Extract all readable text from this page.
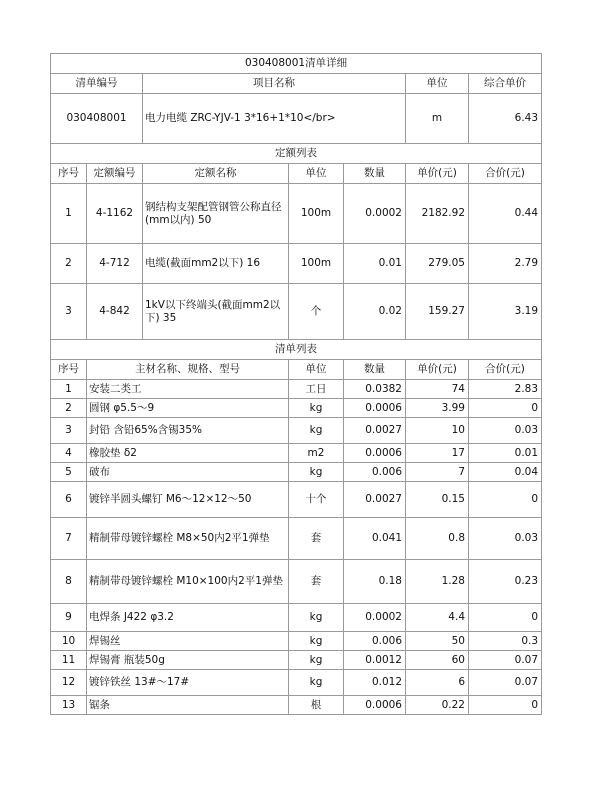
030408001清单详细						
清单编号		项目名称			单位	综合单价
030408001		电力电缆 ZRC-YJV-1 3*16+1*10</br>			m	6.43
定额列表						
序号	定额编号	定额名称	单位	数量	单价(元)	合价(元)
1	4-1162	钢结构支架配管钢管公称直径(mm以内) 50	100m	0.0002	2182.92	0.44
2	4-712	电缆(截面mm2以下) 16	100m	0.01	279.05	2.79
3	4-842	1kV以下终端头(截面mm2以下) 35	个	0.02	159.27	3.19
清单列表						
序号	主材名称、规格、型号		单位	数量	单价(元)	合价(元)
1	安装二类工		工日	0.0382	74	2.83
2	圆钢 φ5.5～9		kg	0.0006	3.99	0
3	封铅 含铅65%含锡35%		kg	0.0027	10	0.03
4	橡胶垫 δ2		m2	0.0006	17	0.01
5	破布		kg	0.006	7	0.04
6	镀锌半圆头螺钉 M6～12×12～50		十个	0.0027	0.15	0
7	精制带母镀锌螺栓 M8×50内2平1弹垫		套	0.041	0.8	0.03
8	精制带母镀锌螺栓 M10×100内2平1弹垫		套	0.18	1.28	0.23
9	电焊条 J422 φ3.2		kg	0.0002	4.4	0
10	焊锡丝		kg	0.006	50	0.3
11	焊锡膏 瓶装50g		kg	0.0012	60	0.07
12	镀锌铁丝 13#～17#		kg	0.012	6	0.07
13	锯条		根	0.0006	0.22	0
